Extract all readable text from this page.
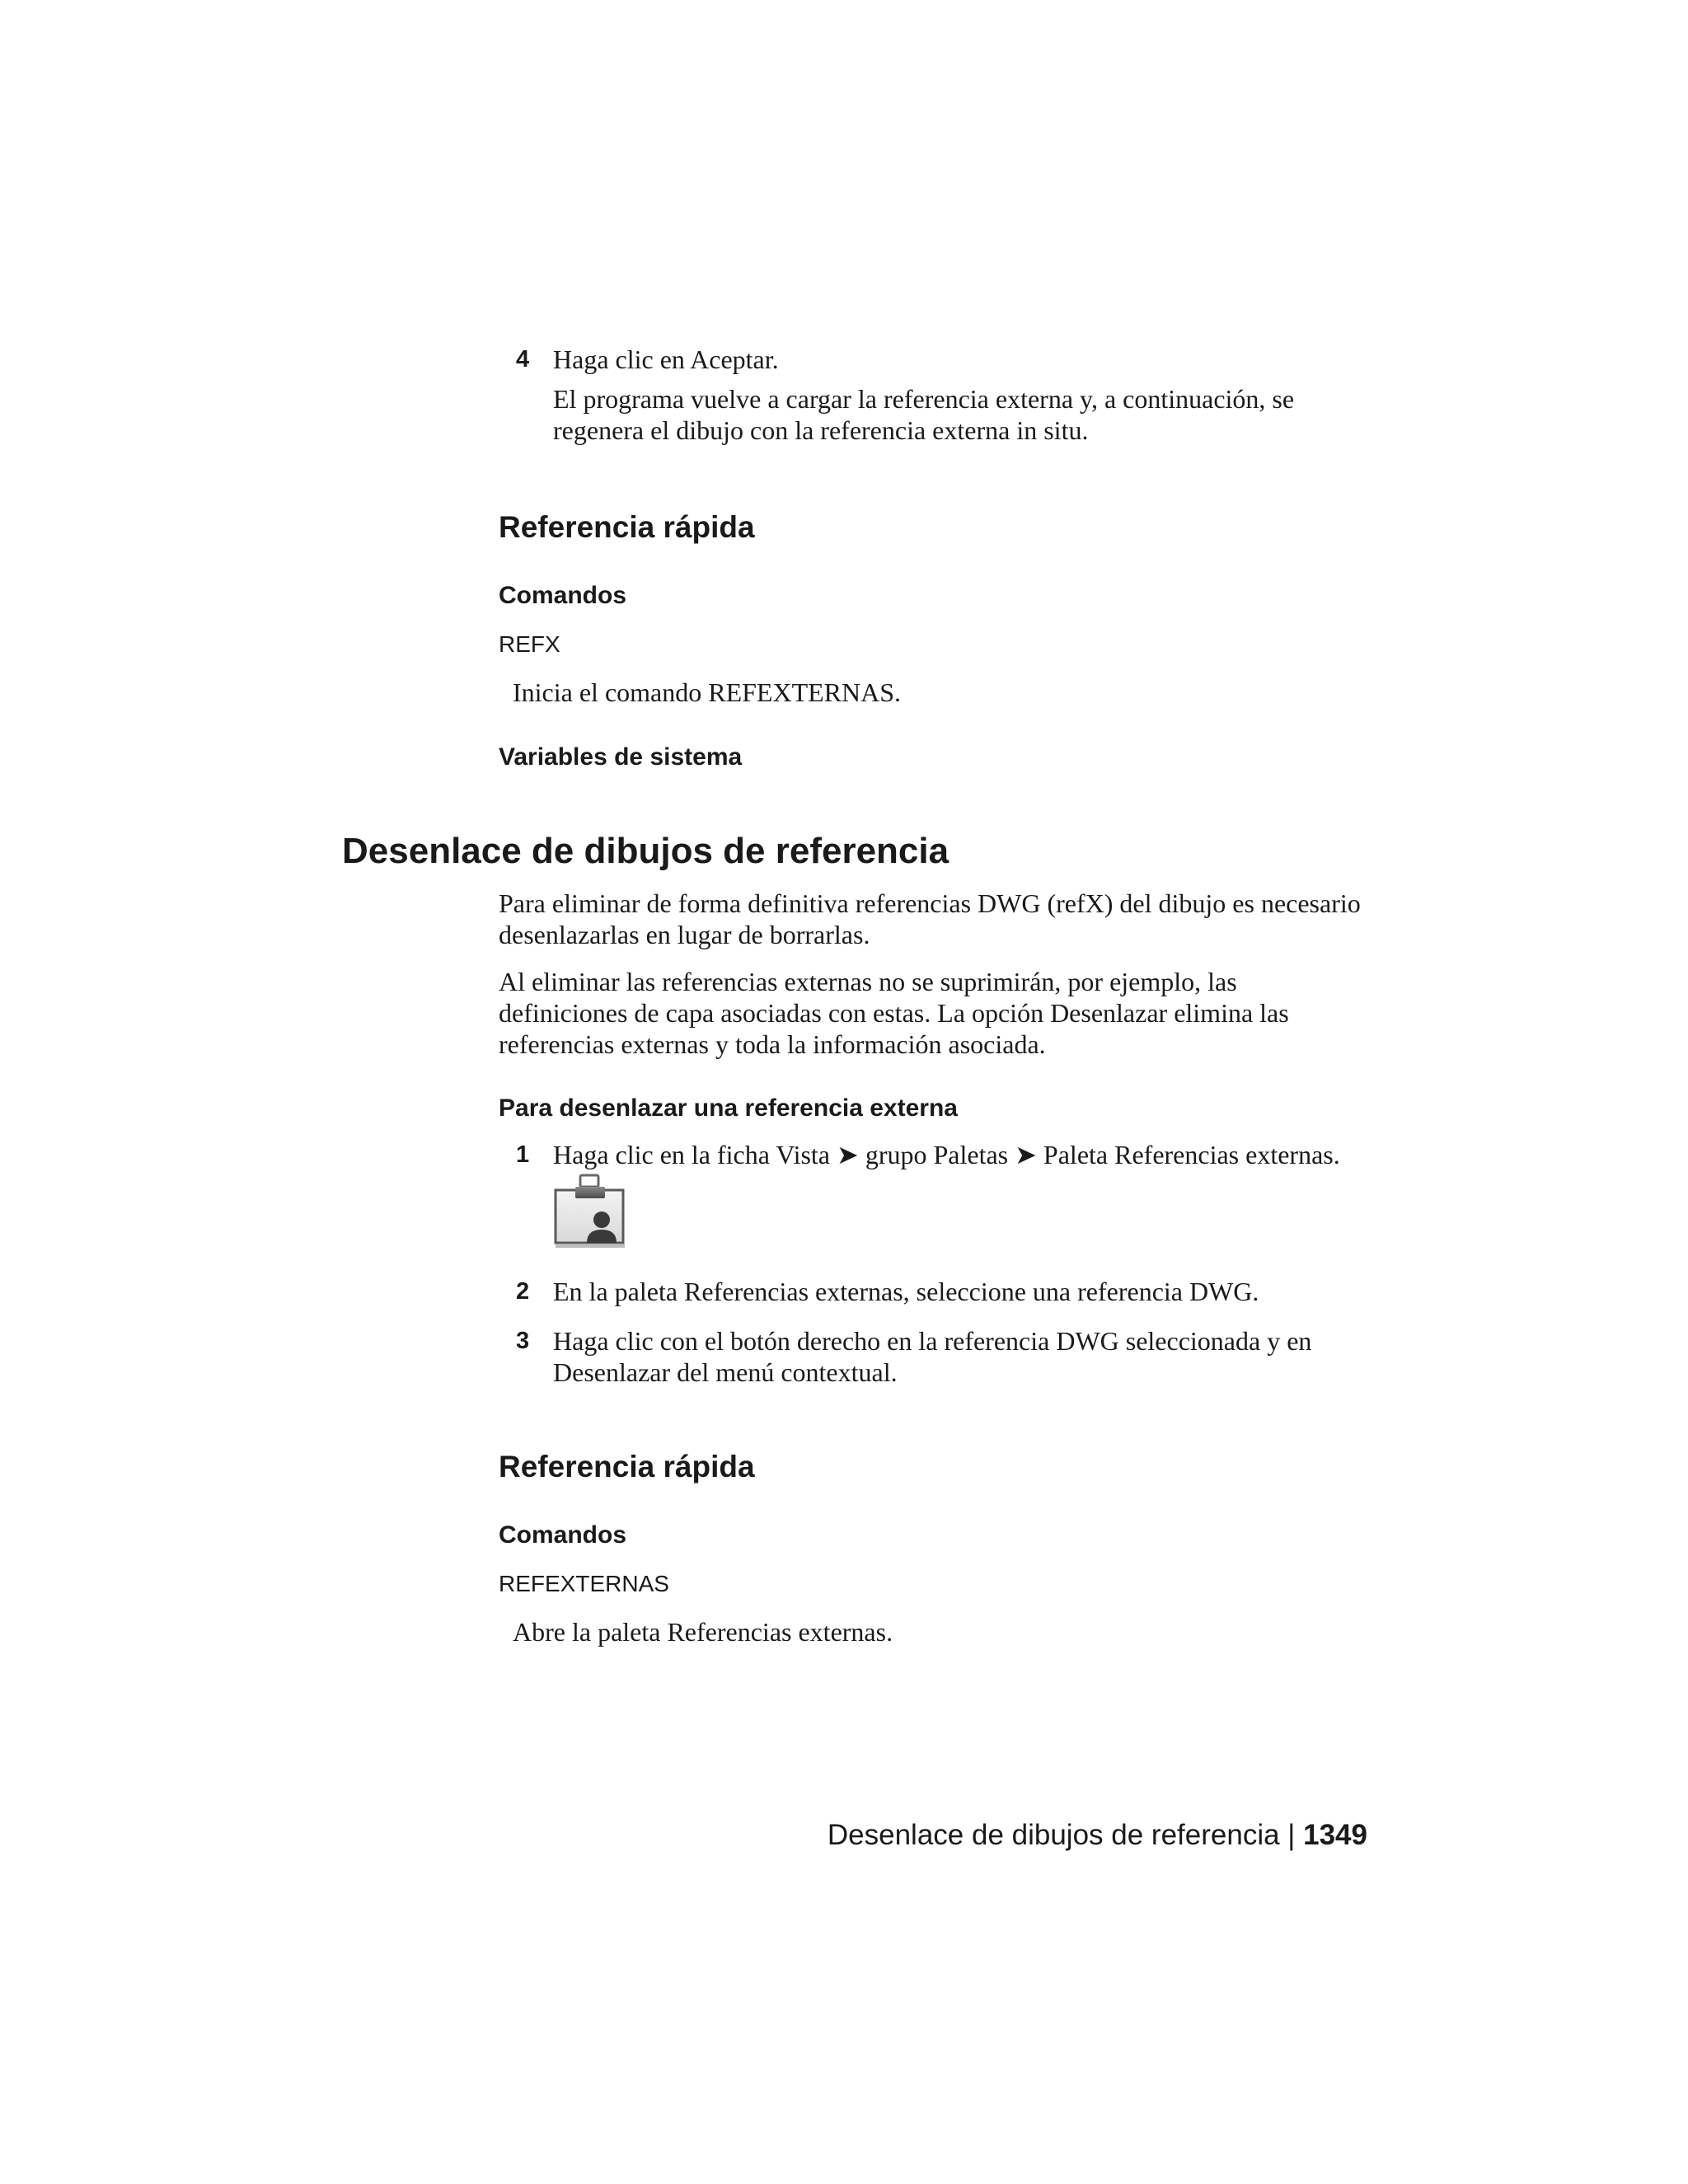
4 Haga clic en Aceptar.
El programa vuelve a cargar la referencia externa y, a continuación, se
regenera el dibujo con la referencia externa in situ.
Referencia rápida
Comandos
REFX
Inicia el comando REFEXTERNAS.
Variables de sistema
Desenlace de dibujos de referencia
Para eliminar de forma definitiva referencias DWG (refX) del dibujo es necesario
desenlazarlas en lugar de borrarlas.
Al eliminar las referencias externas no se suprimirán, por ejemplo, las
definiciones de capa asociadas con estas. La opción Desenlazar elimina las
referencias externas y toda la información asociada.
Para desenlazar una referencia externa
1 Haga clic en la ficha Vista ➤ grupo Paletas ➤ Paleta Referencias externas.
2 En la paleta Referencias externas, seleccione una referencia DWG.
3 Haga clic con el botón derecho en la referencia DWG seleccionada y en
Desenlazar del menú contextual.
Referencia rápida
Comandos
REFEXTERNAS
Abre la paleta Referencias externas.
Desenlace de dibujos de referencia | 1349
